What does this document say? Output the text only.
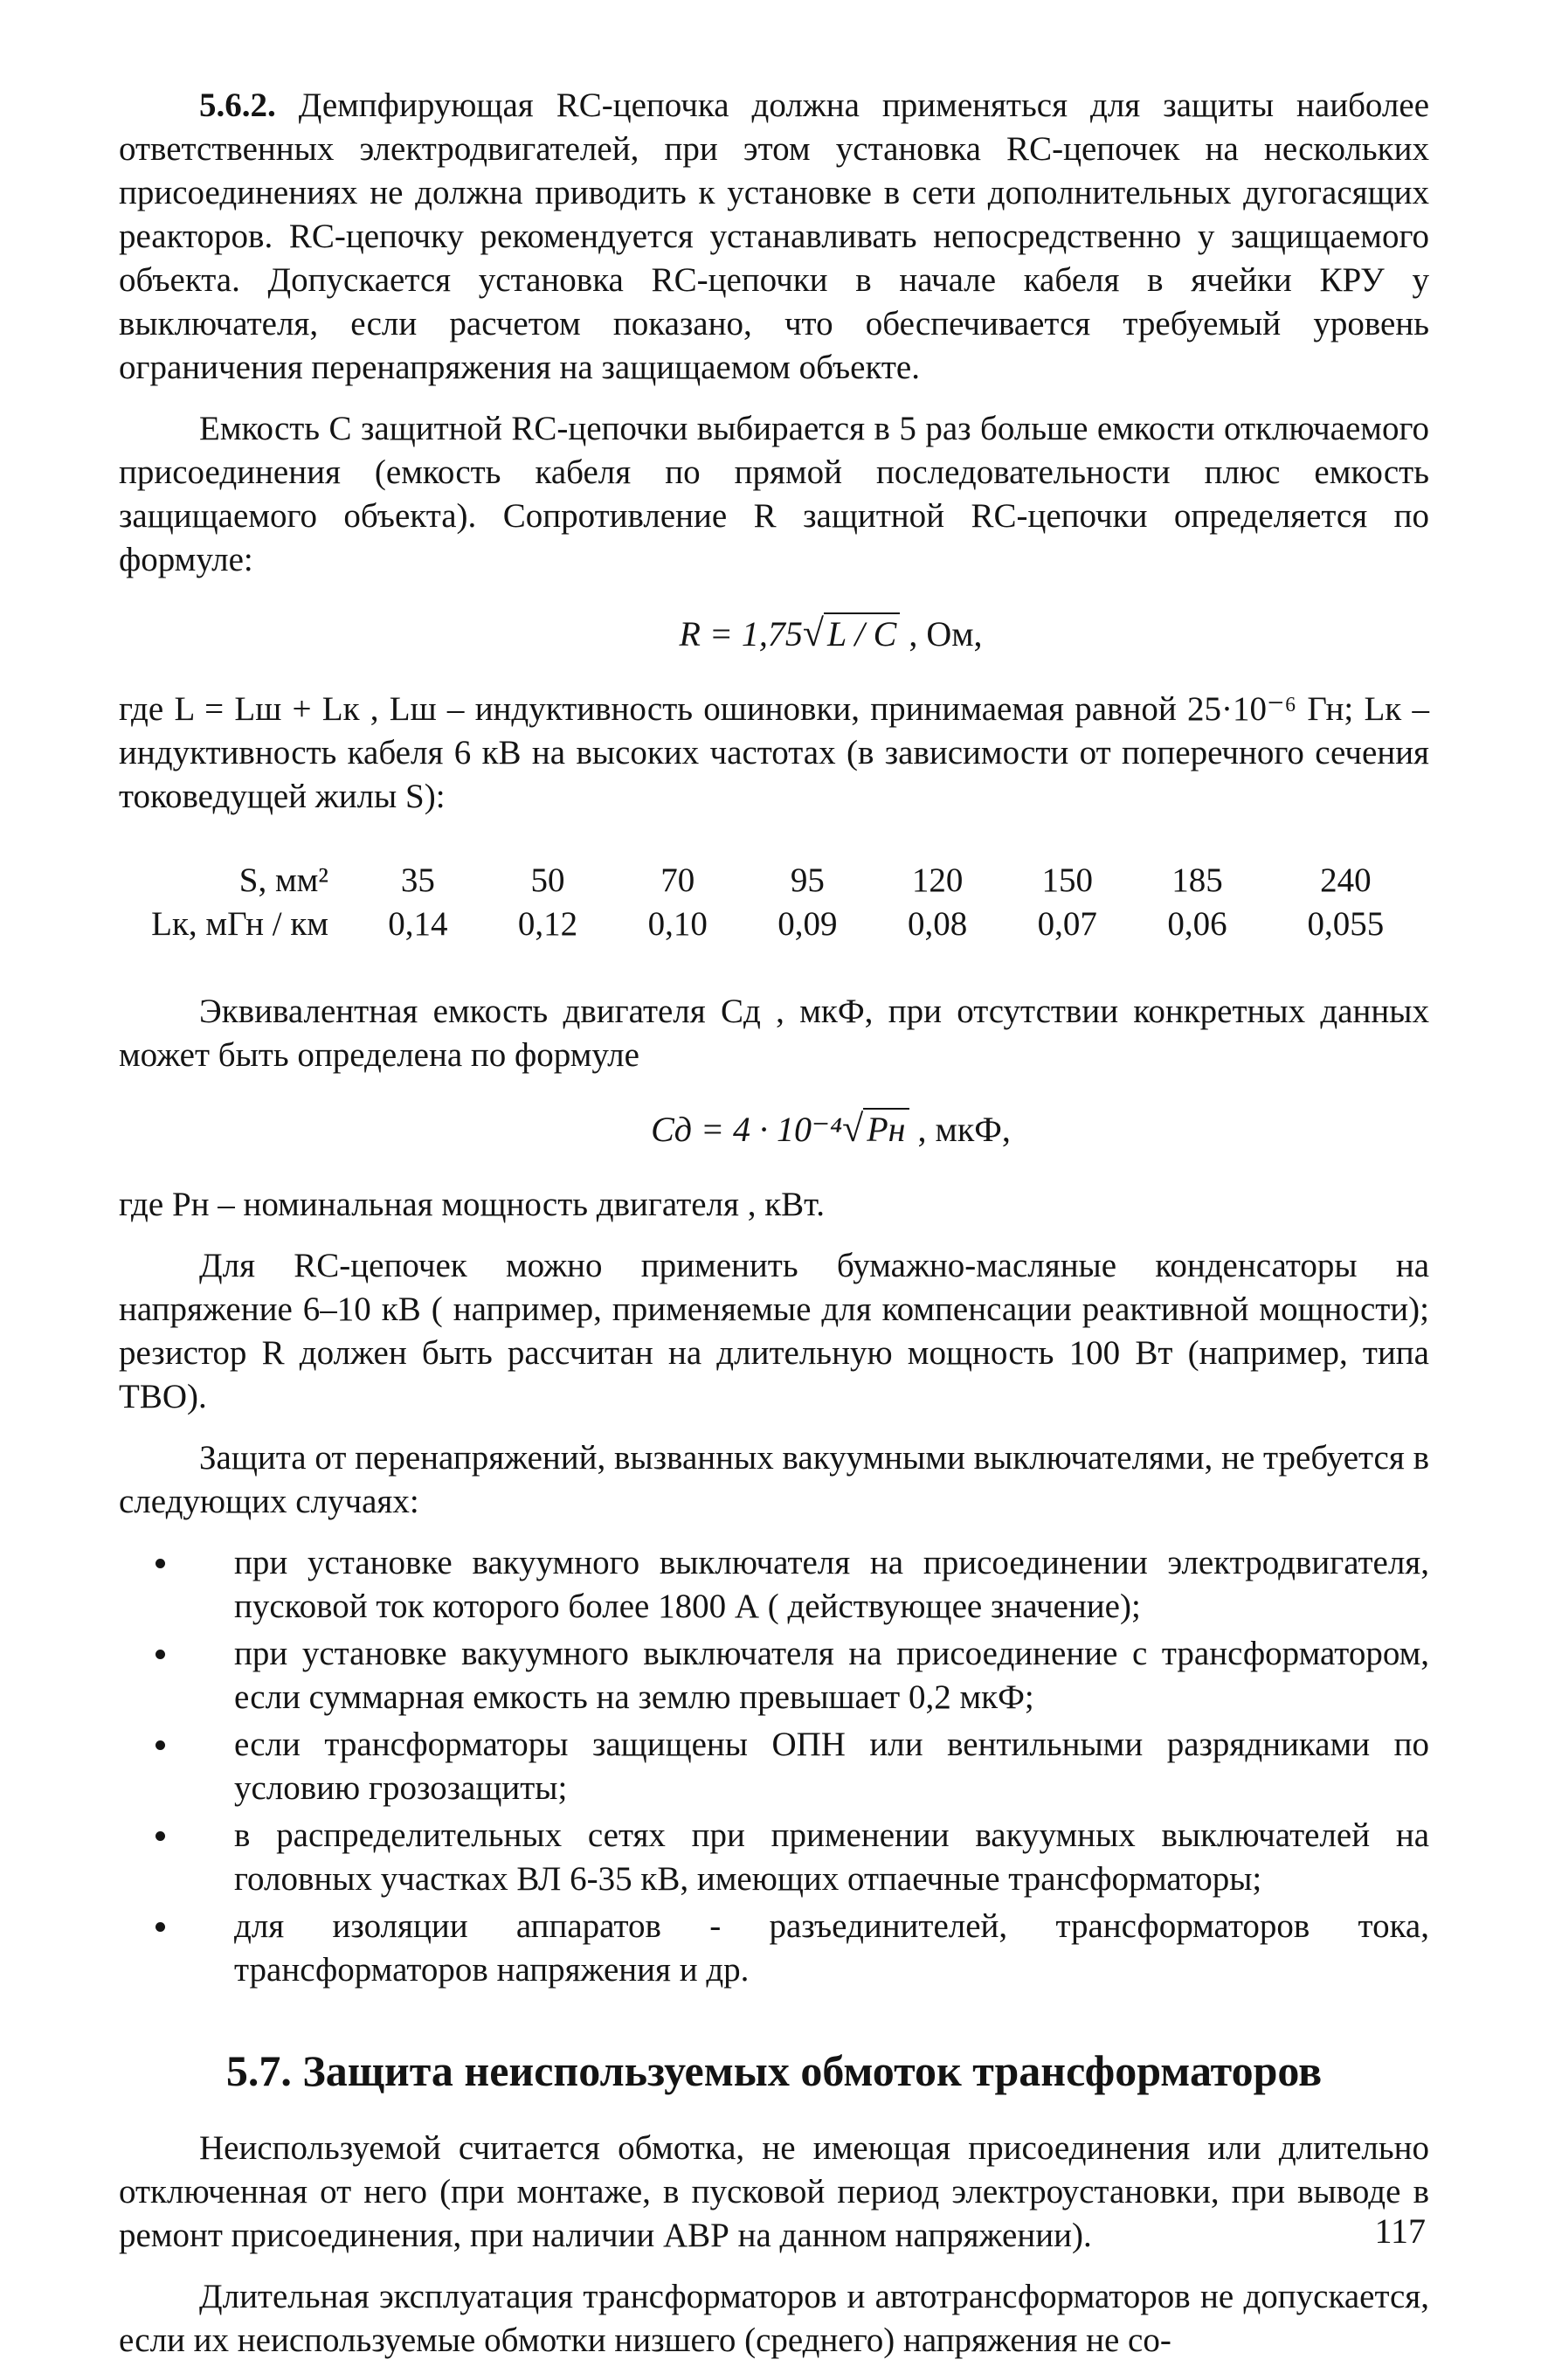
5.6.2. Демпфирующая RC-цепочка должна применяться для защиты наиболее ответственных электродвигателей, при этом установка RC-цепочек на нескольких присоединениях не должна приводить к установке в сети дополнительных дугогасящих реакторов. RC-цепочку рекомендуется устанавливать непосредственно у защищаемого объекта. Допускается установка RC-цепочки в начале кабеля в ячейки КРУ у выключателя, если расчетом показано, что обеспечивается требуемый уровень ограничения перенапряжения на защищаемом объекте.

Емкость C защитной RC-цепочки выбирается в 5 раз больше емкости отключаемого присоединения (емкость кабеля по прямой последовательности плюс емкость защищаемого объекта). Сопротивление R защитной RC-цепочки определяется по формуле:

R = 1,75√ L / C , Ом,

где L = Lш + Lк , Lш – индуктивность ошиновки, принимаемая равной 25·10⁻⁶ Гн; Lк – индуктивность кабеля 6 кВ на высоких частотах (в зависимости от поперечного сечения токоведущей жилы S):

S, мм²	35	50	70	95	120	150	185	240
Lк, мГн / км	0,14	0,12	0,10	0,09	0,08	0,07	0,06	0,055

Эквивалентная емкость двигателя Cд , мкФ, при отсутствии конкретных данных может быть определена по формуле

Cд = 4 · 10⁻⁴√ Pн , мкФ,

где Pн – номинальная мощность двигателя , кВт.

Для RC-цепочек можно применить бумажно-масляные конденсаторы на напряжение 6–10 кВ ( например, применяемые для компенсации реактивной мощности); резистор R должен быть рассчитан на длительную мощность 100 Вт (например, типа ТВО).

Защита от перенапряжений, вызванных вакуумными выключателями, не требуется в следующих случаях:

при установке вакуумного выключателя на присоединении электродвигателя, пусковой ток которого более 1800 А ( действующее значение);
при установке вакуумного выключателя на присоединение с трансформатором, если суммарная емкость на землю превышает 0,2 мкФ;
если трансформаторы защищены ОПН или вентильными разрядниками по условию грозозащиты;
в распределительных сетях при применении вакуумных выключателей на головных участках ВЛ 6-35 кВ, имеющих отпаечные трансформаторы;
для изоляции аппаратов - разъединителей, трансформаторов тока, трансформаторов напряжения и др.
5.7. Защита неиспользуемых обмоток трансформаторов

Неиспользуемой считается обмотка, не имеющая присоединения или длительно отключенная от него (при монтаже, в пусковой период электроустановки, при выводе в ремонт присоединения, при наличии АВР на данном напряжении).

Длительная эксплуатация трансформаторов и автотрансформаторов не допускается, если их неиспользуемые обмотки низшего (среднего) напряжения не со-

117
